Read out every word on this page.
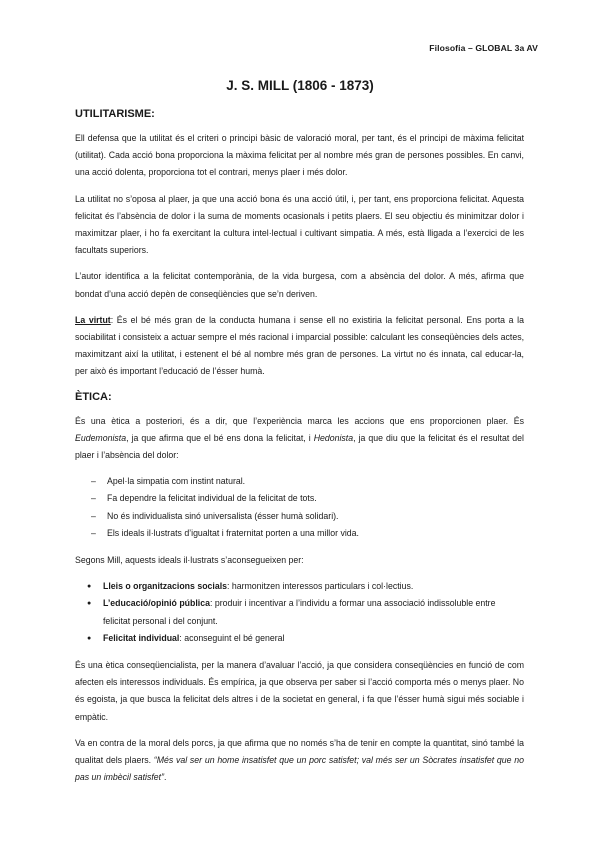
Filosofia – GLOBAL 3a AV
J. S. MILL (1806 - 1873)
UTILITARISME:

Ell defensa que la utilitat és el criteri o principi bàsic de valoració moral, per tant, és el principi de màxima felicitat (utilitat). Cada acció bona proporciona la màxima felicitat per al nombre més gran de persones possibles. En canvi, una acció dolenta, proporciona tot el contrari, menys plaer i més dolor.

La utilitat no s’oposa al plaer, ja que una acció bona és una acció útil, i, per tant, ens proporciona felicitat. Aquesta felicitat és l’absència de dolor i la suma de moments ocasionals i petits plaers. El seu objectiu és minimitzar dolor i maximitzar plaer, i ho fa exercitant la cultura intel·lectual i cultivant simpatia. A més, està lligada a l’exercici de les facultats superiors.

L’autor identifica a la felicitat contemporània, de la vida burgesa, com a absència del dolor. A més, afirma que bondat d’una acció depèn de conseqüències que se’n deriven.

La virtut: És el bé més gran de la conducta humana i sense ell no existiria la felicitat personal. Ens porta a la sociabilitat i consisteix a actuar sempre el més racional i imparcial possible: calculant les conseqüències dels actes, maximitzant així la utilitat, i estenent el bé al nombre més gran de persones. La virtut no és innata, cal educar-la, per això és important l’educació de l’ésser humà.

ÈTICA:

És una ètica a posteriori, és a dir, que l’experiència marca les accions que ens proporcionen plaer. És Eudemonista, ja que afirma que el bé ens dona la felicitat, i Hedonista, ja que diu que la felicitat és el resultat del plaer i l’absència del dolor:

– Apel·la simpatia com instint natural.
– Fa dependre la felicitat individual de la felicitat de tots.
– No és individualista sinó universalista (ésser humà solidari).
– Els ideals il·lustrats d’igualtat i fraternitat porten a una millor vida.

Segons Mill, aquests ideals il·lustrats s’aconsegueixen per:

● Lleis o organitzacions socials: harmonitzen interessos particulars i col·lectius.
● L’educació/opinió pública: produir i incentivar a l’individu a formar una associació indissoluble entre felicitat personal i del conjunt.
● Felicitat individual: aconseguint el bé general

És una ètica conseqüencialista, per la manera d’avaluar l’acció, ja que considera conseqüències en funció de com afecten els interessos individuals. És empírica, ja que observa per saber si l’acció comporta més o menys plaer. No és egoista, ja que busca la felicitat dels altres i de la societat en general, i fa que l’ésser humà sigui més sociable i empàtic.

Va en contra de la moral dels porcs, ja que afirma que no només s’ha de tenir en compte la quantitat, sinó també la qualitat dels plaers. “Més val ser un home insatisfet que un porc satisfet; val més ser un Sòcrates insatisfet que no pas un imbècil satisfet”.
